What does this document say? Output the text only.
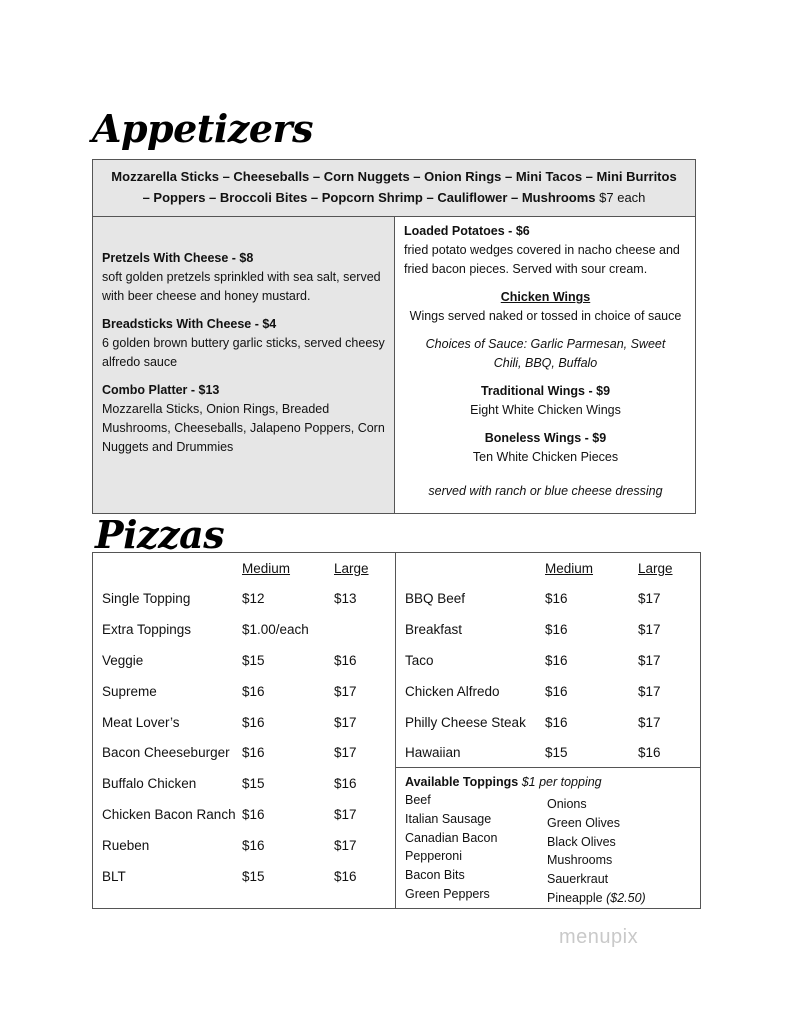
Appetizers
Mozzarella Sticks – Cheeseballs – Corn Nuggets – Onion Rings – Mini Tacos – Mini Burritos
– Poppers – Broccoli Bites – Popcorn Shrimp – Cauliflower – Mushrooms $7 each
Pretzels With Cheese - $8
soft golden pretzels sprinkled with sea salt, served with beer cheese and honey mustard.
Breadsticks With Cheese - $4
6 golden brown buttery garlic sticks, served cheesy alfredo sauce
Combo Platter - $13
Mozzarella Sticks, Onion Rings, Breaded Mushrooms, Cheeseballs, Jalapeno Poppers, Corn Nuggets and Drummies
Loaded Potatoes - $6
fried potato wedges covered in nacho cheese and fried bacon pieces. Served with sour cream.
Chicken Wings
Wings served naked or tossed in choice of sauce
Choices of Sauce: Garlic Parmesan, Sweet Chili, BBQ, Buffalo
Traditional Wings - $9
Eight White Chicken Wings
Boneless Wings - $9
Ten White Chicken Pieces
served with ranch or blue cheese dressing
Pizzas
Medium	Large
Single Topping	$12	$13
Extra Toppings	$1.00/each
Veggie	$15	$16
Supreme	$16	$17
Meat Lover’s	$16	$17
Bacon Cheeseburger $16	$17
Buffalo Chicken	$15	$16
Chicken Bacon Ranch $16	$17
Rueben	$16	$17
BLT	$15	$16
Medium	Large
BBQ Beef	$16	$17
Breakfast	$16	$17
Taco	$16	$17
Chicken Alfredo	$16	$17
Philly Cheese Steak $16	$17
Hawaiian	$15	$16
Available Toppings $1 per topping
Beef
Italian Sausage
Canadian Bacon
Pepperoni
Bacon Bits
Green Peppers
Onions
Green Olives
Black Olives
Mushrooms
Sauerkraut
Pineapple ($2.50)
menupix
